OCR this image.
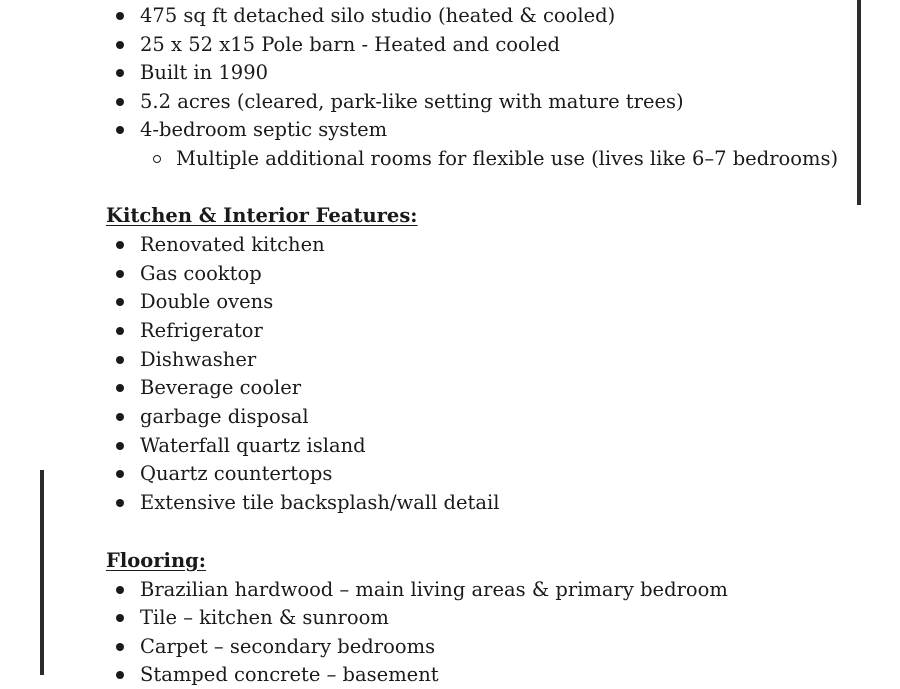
475 sq ft detached silo studio (heated & cooled)
25 x 52 x15 Pole barn - Heated and cooled
Built in 1990
5.2 acres (cleared, park-like setting with mature trees)
4-bedroom septic system
Multiple additional rooms for flexible use (lives like 6–7 bedrooms)
Kitchen & Interior Features:
Renovated kitchen
Gas cooktop
Double ovens
Refrigerator
Dishwasher
Beverage cooler
garbage disposal
Waterfall quartz island
Quartz countertops
Extensive tile backsplash/wall detail
Flooring:
Brazilian hardwood – main living areas & primary bedroom
Tile – kitchen & sunroom
Carpet – secondary bedrooms
Stamped concrete – basement
